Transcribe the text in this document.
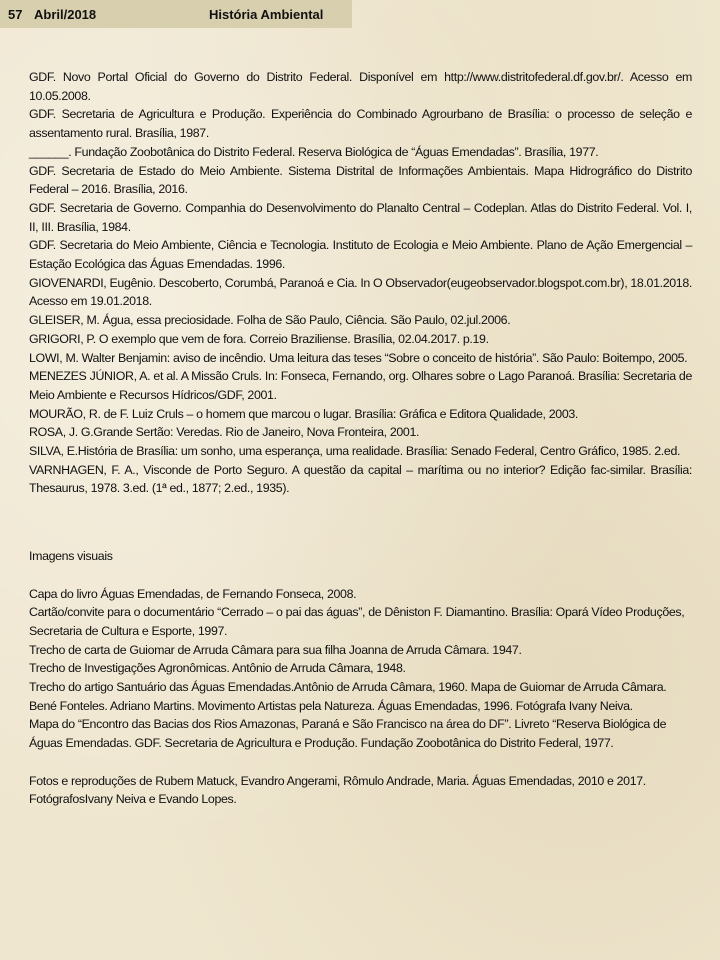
57 Abril/2018	História Ambiental
GDF. Novo Portal Oficial do Governo do Distrito Federal. Disponível em http://www.distritofederal.df.gov.br/. Acesso em 10.05.2008.
GDF. Secretaria de Agricultura e Produção. Experiência do Combinado Agrourbano de Brasília: o processo de seleção e assentamento rural. Brasília, 1987.
______. Fundação Zoobotânica do Distrito Federal. Reserva Biológica de “Águas Emendadas”. Brasília, 1977.
GDF. Secretaria de Estado do Meio Ambiente. Sistema Distrital de Informações Ambientais. Mapa Hidrográfico do Distrito Federal – 2016. Brasília, 2016.
GDF. Secretaria de Governo. Companhia do Desenvolvimento do Planalto Central – Codeplan. Atlas do Distrito Federal. Vol. I, II, III. Brasília, 1984.
GDF. Secretaria do Meio Ambiente, Ciência e Tecnologia. Instituto de Ecologia e Meio Ambiente. Plano de Ação Emergencial – Estação Ecológica das Águas Emendadas. 1996.
GIOVENARDI, Eugênio. Descoberto, Corumbá, Paranoá e Cia. In O Observador(eugeobservador.blogspot.com.br), 18.01.2018. Acesso em 19.01.2018.
GLEISER, M. Água, essa preciosidade. Folha de São Paulo, Ciência. São Paulo, 02.jul.2006.
GRIGORI, P. O exemplo que vem de fora. Correio Braziliense. Brasília, 02.04.2017. p.19.
LOWI, M. Walter Benjamin: aviso de incêndio. Uma leitura das teses “Sobre o conceito de história”. São Paulo: Boitempo, 2005.
MENEZES JÚNIOR, A. et al. A Missão Cruls. In: Fonseca, Fernando, org. Olhares sobre o Lago Paranoá. Brasília: Secretaria de Meio Ambiente e Recursos Hídricos/GDF, 2001.
MOURÃO, R. de F. Luiz Cruls – o homem que marcou o lugar. Brasília: Gráfica e Editora Qualidade, 2003.
ROSA, J. G.Grande Sertão: Veredas. Rio de Janeiro, Nova Fronteira, 2001.
SILVA, E.História de Brasília: um sonho, uma esperança, uma realidade. Brasília: Senado Federal, Centro Gráfico, 1985. 2.ed.
VARNHAGEN, F. A., Visconde de Porto Seguro. A questão da capital – marítima ou no interior? Edição fac-similar. Brasília: Thesaurus, 1978. 3.ed. (1ª ed., 1877; 2.ed., 1935).
Imagens visuais
Capa do livro Águas Emendadas, de Fernando Fonseca, 2008.
Cartão/convite para o documentário “Cerrado – o pai das águas”, de Dêniston F. Diamantino. Brasília: Opará Vídeo Produções, Secretaria de Cultura e Esporte, 1997.
Trecho de carta de Guiomar de Arruda Câmara para sua filha Joanna de Arruda Câmara. 1947.
Trecho de Investigações Agronômicas. Antônio de Arruda Câmara, 1948.
Trecho do artigo Santuário das Águas Emendadas.Antônio de Arruda Câmara, 1960. Mapa de Guiomar de Arruda Câmara.
Bené Fonteles. Adriano Martins. Movimento Artistas pela Natureza. Águas Emendadas, 1996. Fotógrafa Ivany Neiva.
Mapa do “Encontro das Bacias dos Rios Amazonas, Paraná e São Francisco na área do DF”. Livreto “Reserva Biológica de Águas Emendadas. GDF. Secretaria de Agricultura e Produção. Fundação Zoobotânica do Distrito Federal, 1977.
Fotos e reproduções de Rubem Matuck, Evandro Angerami, Rômulo Andrade, Maria. Águas Emendadas, 2010 e 2017. FotógrafosIvany Neiva e Evando Lopes.
